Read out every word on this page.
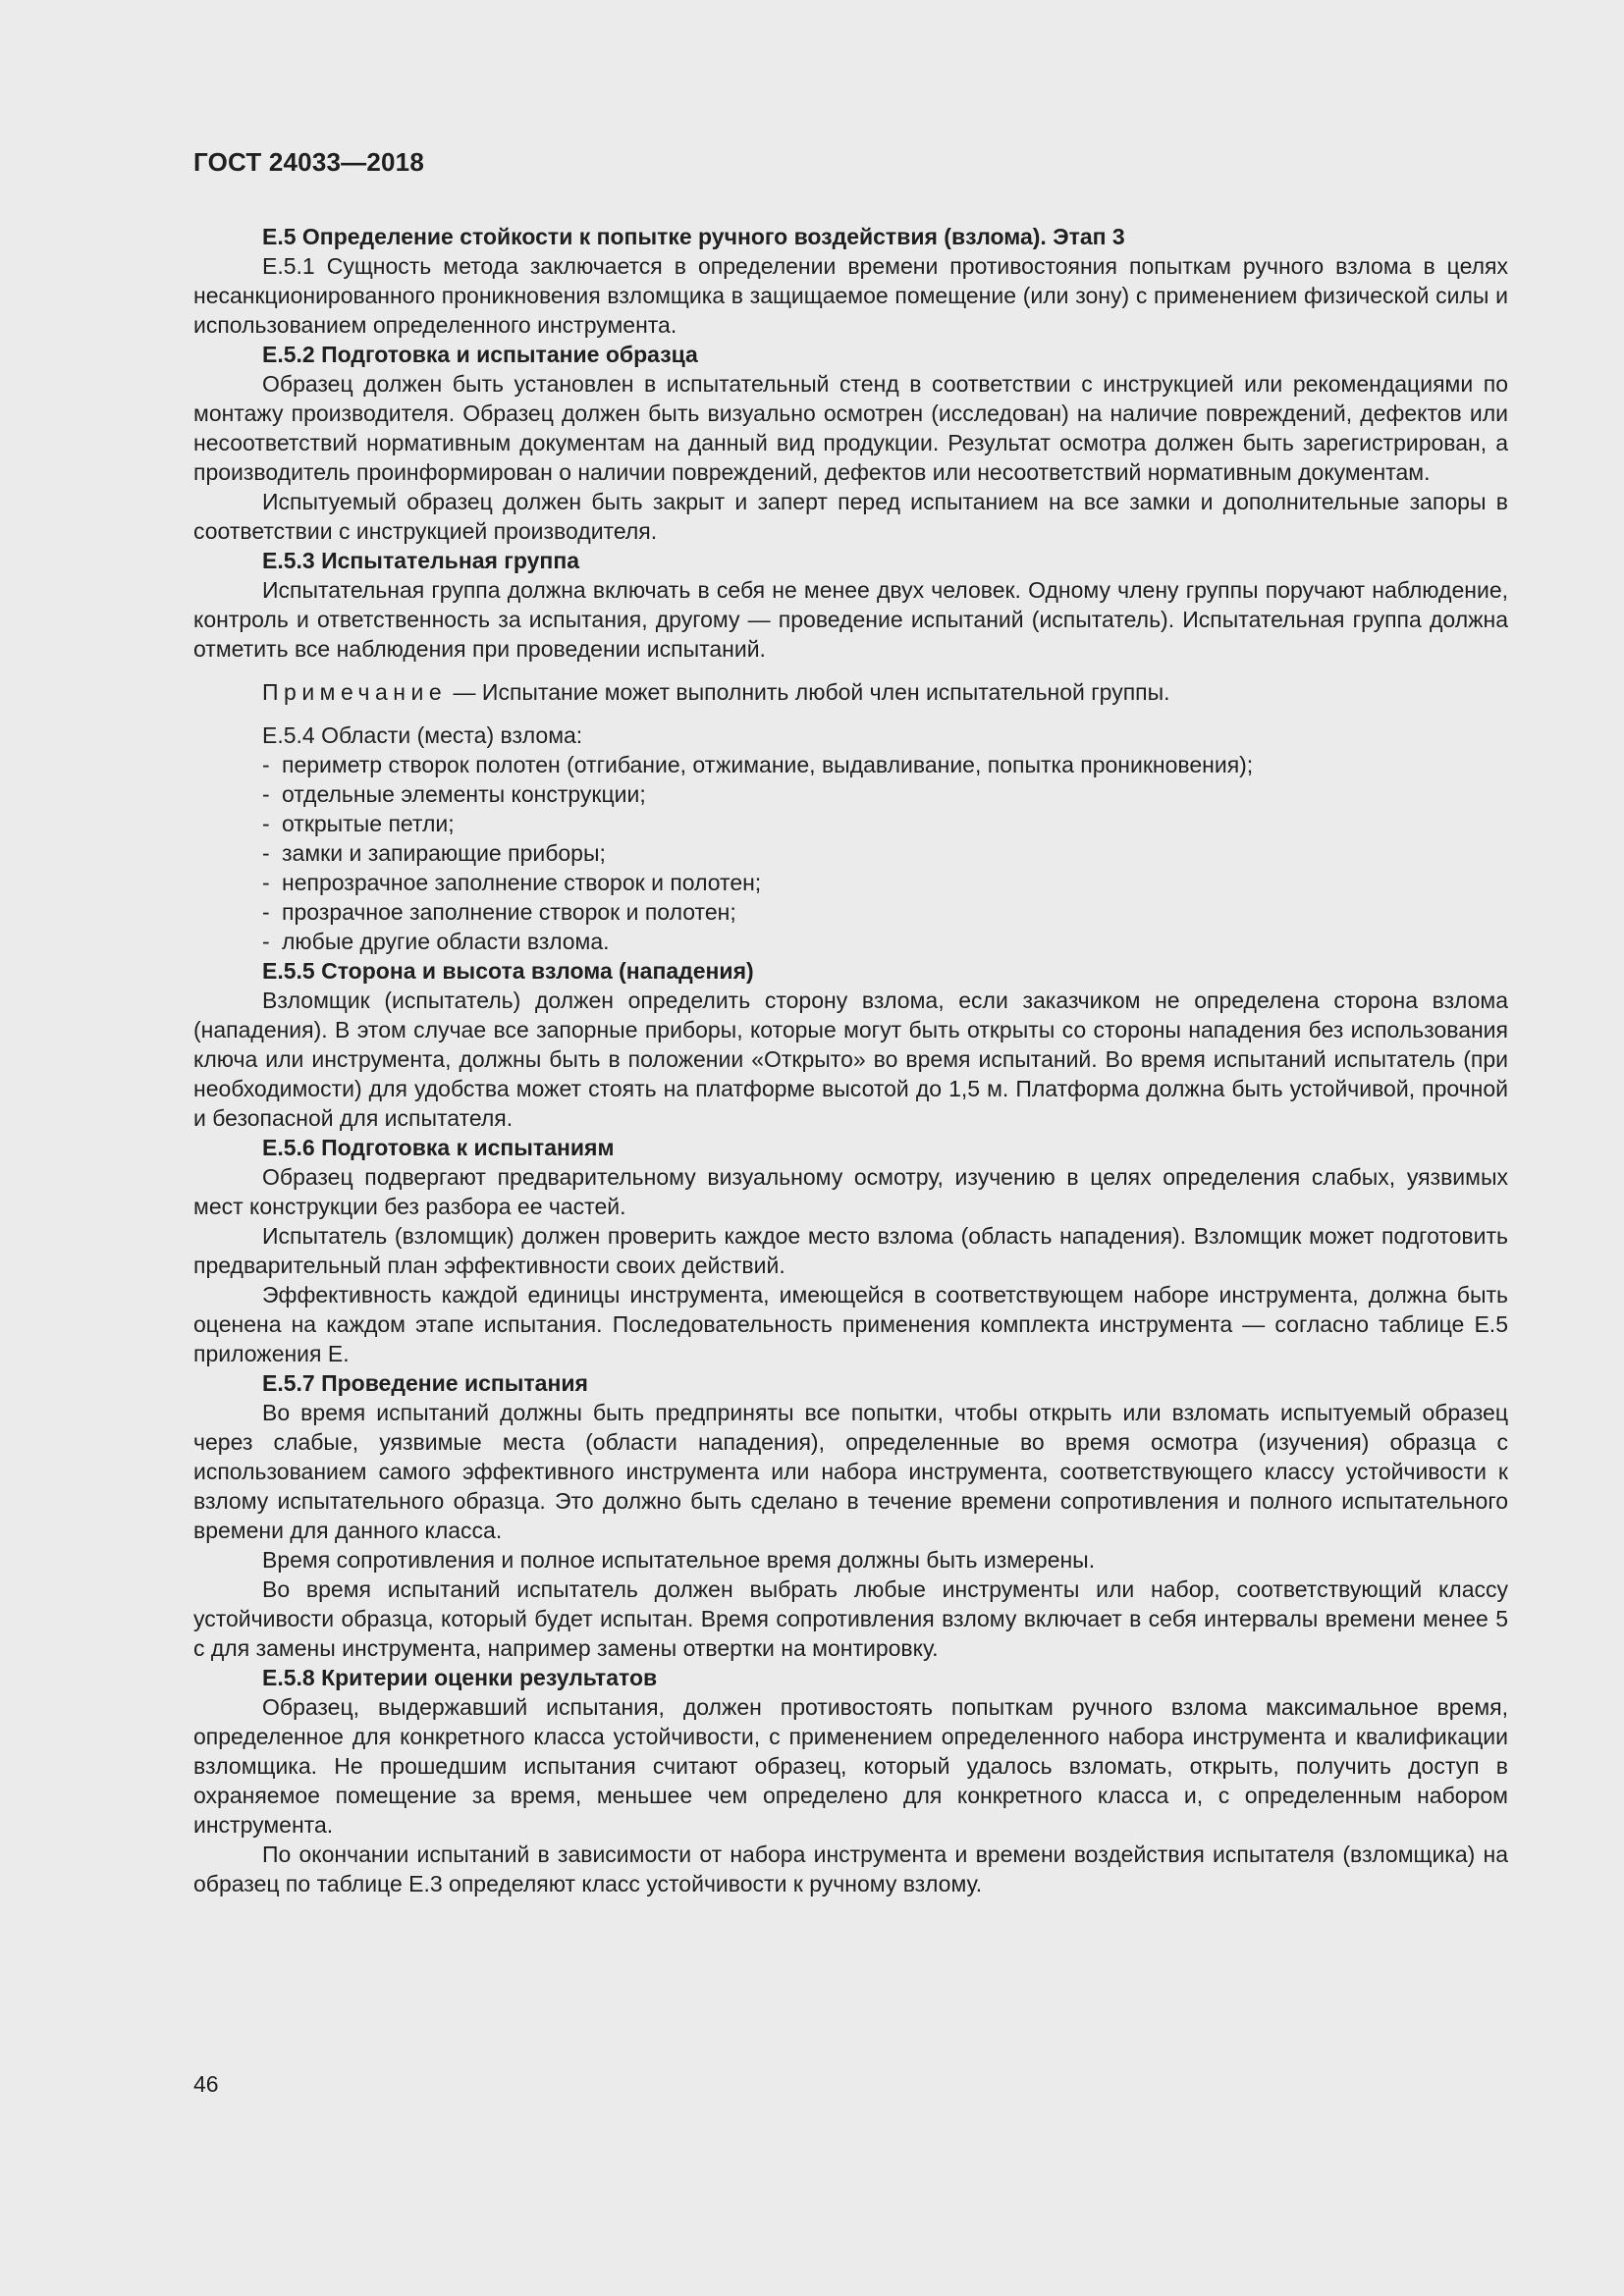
ГОСТ 24033—2018
Е.5 Определение стойкости к попытке ручного воздействия (взлома). Этап 3

Е.5.1 Сущность метода заключается в определении времени противостояния попыткам ручного взлома в целях несанкционированного проникновения взломщика в защищаемое помещение (или зону) с применением физической силы и использованием определенного инструмента.

Е.5.2 Подготовка и испытание образца

Образец должен быть установлен в испытательный стенд в соответствии с инструкцией или рекомендациями по монтажу производителя. Образец должен быть визуально осмотрен (исследован) на наличие повреждений, дефектов или несоответствий нормативным документам на данный вид продукции. Результат осмотра должен быть зарегистрирован, а производитель проинформирован о наличии повреждений, дефектов или несоответствий нормативным документам.

Испытуемый образец должен быть закрыт и заперт перед испытанием на все замки и дополнительные запоры в соответствии с инструкцией производителя.

Е.5.3 Испытательная группа

Испытательная группа должна включать в себя не менее двух человек. Одному члену группы поручают наблюдение, контроль и ответственность за испытания, другому — проведение испытаний (испытатель). Испытательная группа должна отметить все наблюдения при проведении испытаний.

Примечание — Испытание может выполнить любой член испытательной группы.

Е.5.4 Области (места) взлома:

- периметр створок полотен (отгибание, отжимание, выдавливание, попытка проникновения);
- отдельные элементы конструкции;
- открытые петли;
- замки и запирающие приборы;
- непрозрачное заполнение створок и полотен;
- прозрачное заполнение створок и полотен;
- любые другие области взлома.
Е.5.5 Сторона и высота взлома (нападения)

Взломщик (испытатель) должен определить сторону взлома, если заказчиком не определена сторона взлома (нападения). В этом случае все запорные приборы, которые могут быть открыты со стороны нападения без использования ключа или инструмента, должны быть в положении «Открыто» во время испытаний. Во время испытаний испытатель (при необходимости) для удобства может стоять на платформе высотой до 1,5 м. Платформа должна быть устойчивой, прочной и безопасной для испытателя.

Е.5.6 Подготовка к испытаниям

Образец подвергают предварительному визуальному осмотру, изучению в целях определения слабых, уязвимых мест конструкции без разбора ее частей.

Испытатель (взломщик) должен проверить каждое место взлома (область нападения). Взломщик может подготовить предварительный план эффективности своих действий.

Эффективность каждой единицы инструмента, имеющейся в соответствующем наборе инструмента, должна быть оценена на каждом этапе испытания. Последовательность применения комплекта инструмента — согласно таблице Е.5 приложения Е.

Е.5.7 Проведение испытания

Во время испытаний должны быть предприняты все попытки, чтобы открыть или взломать испытуемый образец через слабые, уязвимые места (области нападения), определенные во время осмотра (изучения) образца с использованием самого эффективного инструмента или набора инструмента, соответствующего классу устойчивости к взлому испытательного образца. Это должно быть сделано в течение времени сопротивления и полного испытательного времени для данного класса.

Время сопротивления и полное испытательное время должны быть измерены.

Во время испытаний испытатель должен выбрать любые инструменты или набор, соответствующий классу устойчивости образца, который будет испытан. Время сопротивления взлому включает в себя интервалы времени менее 5 с для замены инструмента, например замены отвертки на монтировку.

Е.5.8 Критерии оценки результатов

Образец, выдержавший испытания, должен противостоять попыткам ручного взлома максимальное время, определенное для конкретного класса устойчивости, с применением определенного набора инструмента и квалификации взломщика. Не прошедшим испытания считают образец, который удалось взломать, открыть, получить доступ в охраняемое помещение за время, меньшее чем определено для конкретного класса и, с определенным набором инструмента.

По окончании испытаний в зависимости от набора инструмента и времени воздействия испытателя (взломщика) на образец по таблице Е.3 определяют класс устойчивости к ручному взлому.

46
